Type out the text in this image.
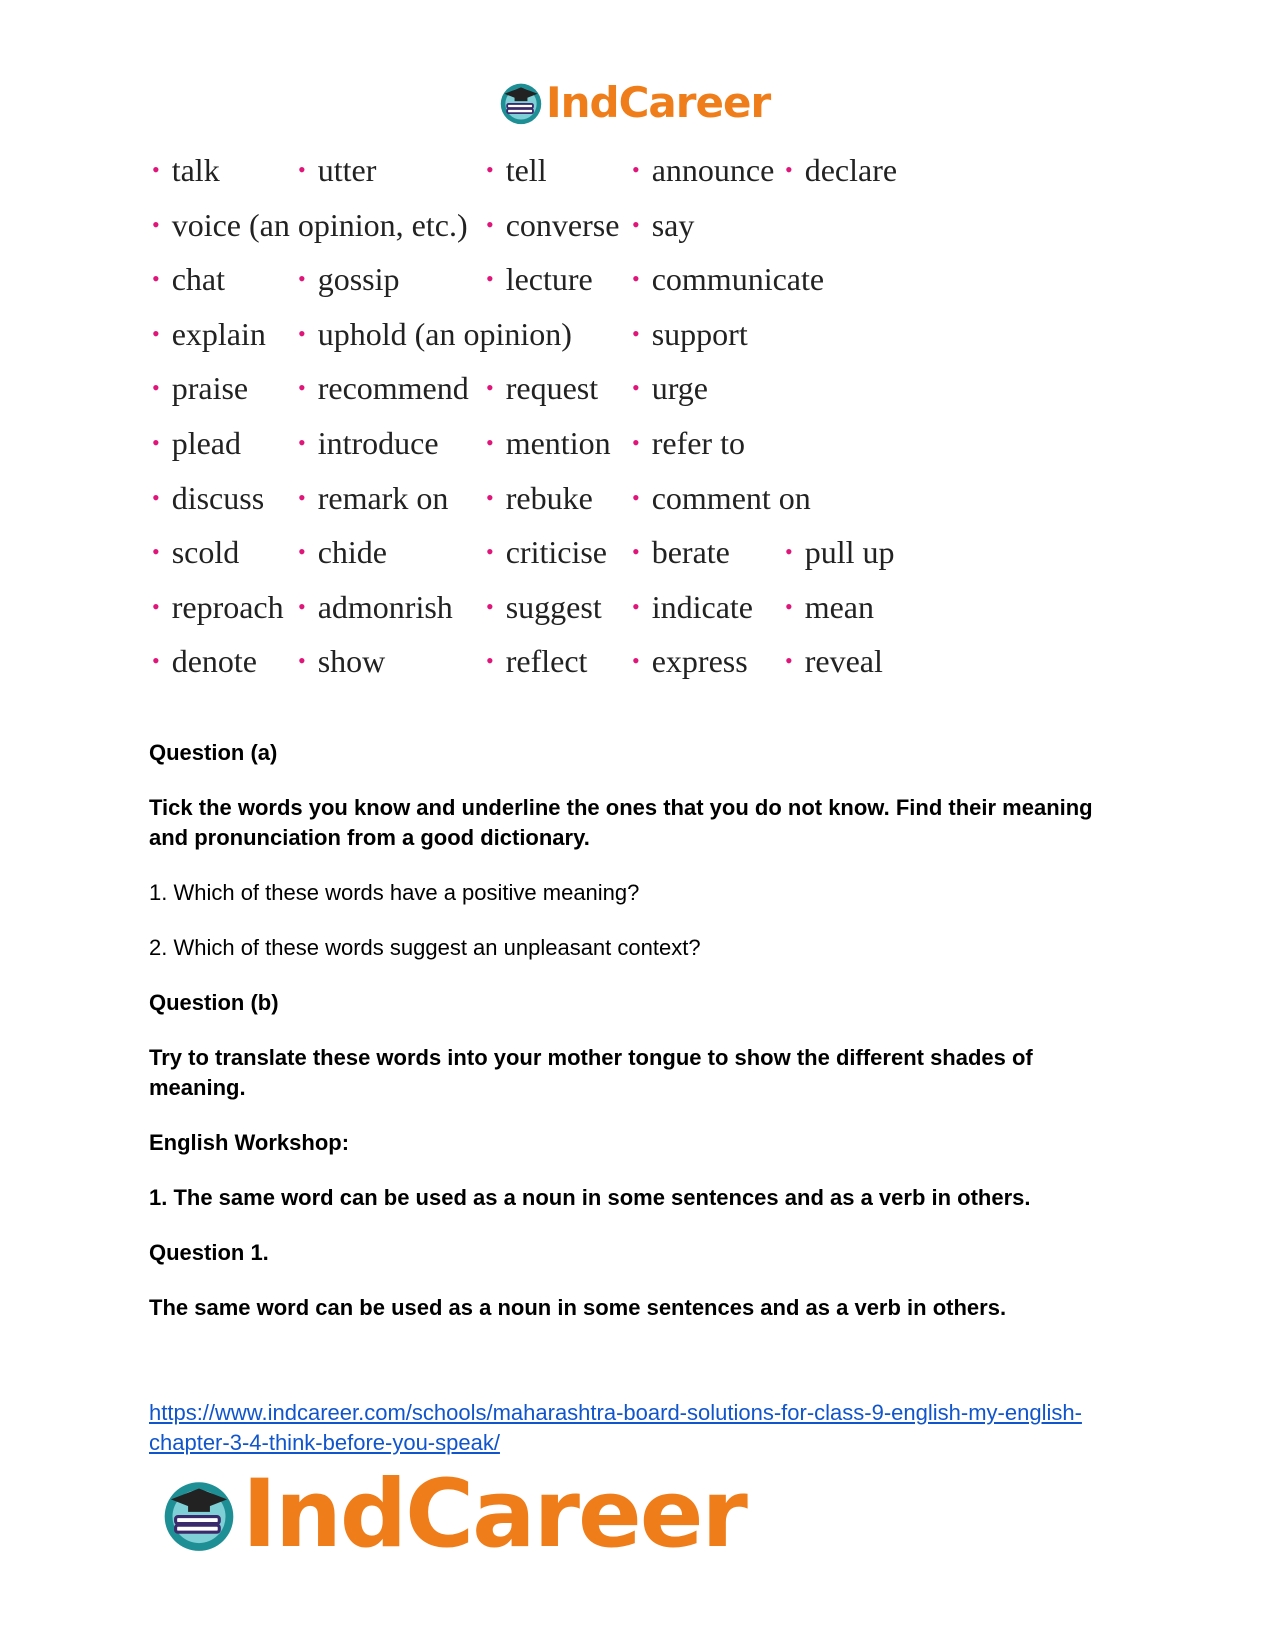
IndCareer
• talk	• utter	• tell	• announce • declare
• voice (an opinion, etc.) • converse • say
• chat	• gossip	• lecture • communicate
• explain • uphold (an opinion)	• support
• praise • recommend • request • urge
• plead	• introduce • mention • refer to
• discuss • remark on • rebuke • comment on
• scold	• chide	• criticise • berate	• pull up
• reproach • admonrish • suggest • indicate • mean
• denote • show	• reflect • express • reveal

Question (a)

Tick the words you know and underline the ones that you do not know. Find their meaning and pronunciation from a good dictionary.

1. Which of these words have a positive meaning?

2. Which of these words suggest an unpleasant context?

Question (b)

Try to translate these words into your mother tongue to show the different shades of meaning.

English Workshop:

1. The same word can be used as a noun in some sentences and as a verb in others.

Question 1.

The same word can be used as a noun in some sentences and as a verb in others.

https://www.indcareer.com/schools/maharashtra-board-solutions-for-class-9-english-my-english-chapter-3-4-think-before-you-speak/
IndCareer
